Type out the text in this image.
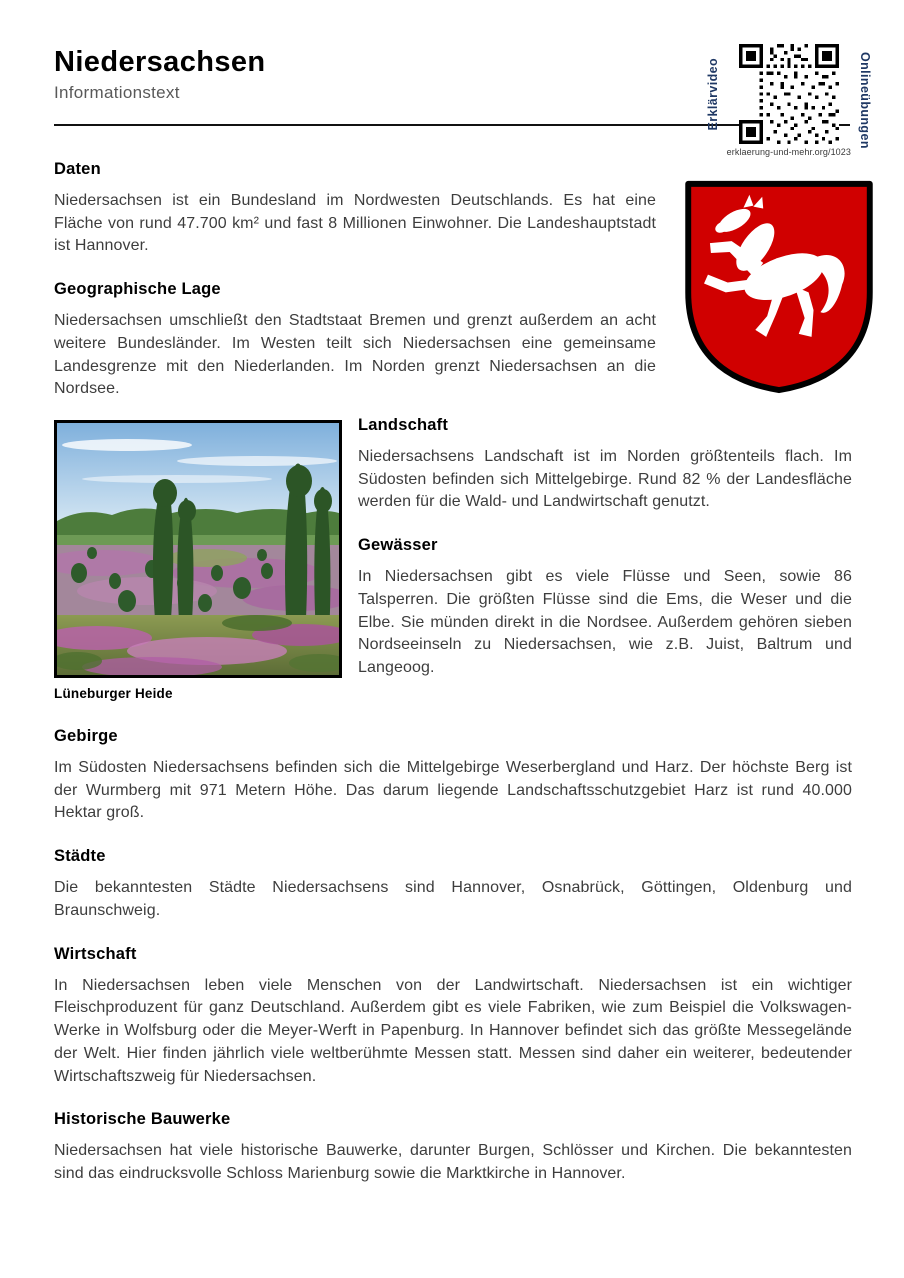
Niedersachsen
Informationstext	Erklärvideo
erklaerung-und-mehr.org/1023
Onlineübungen
Daten

Niedersachsen ist ein Bundesland im Nordwesten Deutschlands. Es hat eine Fläche von rund 47.700 km² und fast 8 Millionen Einwohner. Die Landeshauptstadt ist Hannover.

Geographische Lage

Niedersachsen umschließt den Stadtstaat Bremen und grenzt außerdem an acht weitere Bundesländer. Im Westen teilt sich Niedersachsen eine gemeinsame Landesgrenze mit den Niederlanden. Im Norden grenzt Niedersachsen an die Nordsee.

Lüneburger Heide
Landschaft

Niedersachsens Landschaft ist im Norden größtenteils flach. Im Südosten befinden sich Mittelgebirge. Rund 82 % der Landesfläche werden für die Wald- und Landwirtschaft genutzt.

Gewässer

In Niedersachsen gibt es viele Flüsse und Seen, sowie 86 Talsperren. Die größten Flüsse sind die Ems, die Weser und die Elbe. Sie münden direkt in die Nordsee. Außerdem gehören sieben Nordseeinseln zu Niedersachsen, wie z.B. Juist, Baltrum und Langeoog.

Gebirge

Im Südosten Niedersachsens befinden sich die Mittelgebirge Weserbergland und Harz. Der höchste Berg ist der Wurmberg mit 971 Metern Höhe. Das darum liegende Landschaftsschutzgebiet Harz ist rund 40.000 Hektar groß.

Städte

Die bekanntesten Städte Niedersachsens sind Hannover, Osnabrück, Göttingen, Oldenburg und Braunschweig.

Wirtschaft

In Niedersachsen leben viele Menschen von der Landwirtschaft. Niedersachsen ist ein wichtiger Fleischproduzent für ganz Deutschland. Außerdem gibt es viele Fabriken, wie zum Beispiel die Volkswagen-Werke in Wolfsburg oder die Meyer-Werft in Papenburg. In Hannover befindet sich das größte Messegelände der Welt. Hier finden jährlich viele weltberühmte Messen statt. Messen sind daher ein weiterer, bedeutender Wirtschaftszweig für Niedersachsen.

Historische Bauwerke

Niedersachsen hat viele historische Bauwerke, darunter Burgen, Schlösser und Kirchen. Die bekanntesten sind das eindrucksvolle Schloss Marienburg sowie die Marktkirche in Hannover.
